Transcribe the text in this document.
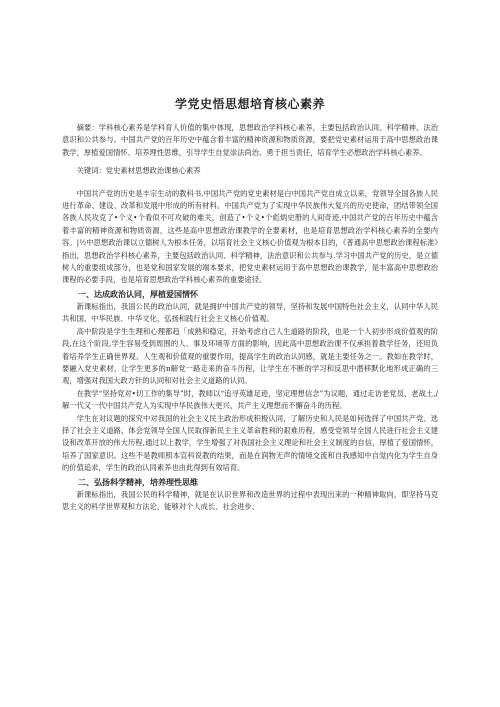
学党史悟思想培育核心素养

摘要：学科核心素养是学科育人价值的集中体现，思想政治学科核心素养，主要包括政治认同、科学精神、法治意识和公共参与。中国共产党的百年历史中蕴含着丰富的精神资源和物质资源，要把党史素材运用于高中思想政治课教学，厚植爱国情怀、培养理性思维，引导学生自觉崇法尚治、勇于担当责任，培育学生必想政治学科核心素养。

关键词：党史素材思想政治课核心素养

中国共产党的历史是丰宗生动的教科书,中国共产党的党史素材是白中国共产党自成立以来，党领导全国各族人民进行革命、建设、改革和发展中形成的所有材料。中国共产党为了实现中华民族伟大复兴的历史使命，团结带领全国各族人民攻克了•个义•个看似不可攻破的难关，创造了•个义•个彪炳史册的人间奇迹,中国共产党的百年历史中蕴含着丰富的精神资源和物质资源，这些是高中思想政治课教学的全要素材，也是培育思想政治学科核心素养的全要内容。|½中思想政治课以立德树人为根本任务，以培育社会主义核心价值观为根本目的，《普通高中思想政治课程标准》指出，思想政治学科核心素养，主要包括政治认同、科学精神，法治意识和公共参与.学习中国共产党的历史，是立德树人的重要组成部分，也是党和国家发展的端本要求，把党史素材运用于高中思想政治课教学，是丰富高中思想政治课程的必要手段，也是培育思想政治学科核心素养的重要途径。

一、达成政治认同，厚植爱国情怀

新课标指出，我国公民的政治认同，就是拥护中国共产党的领导，坚持和发展中国特色社会主义，认同中华人民共和国、中华民族、中华文化，弘扬和践行社会主义核心价值观。

高中阶段是学生生理和心理都趋「成熟和稳定，开始考虑自己人生道路的阶段，也是一个人初步形成价值观的阶段,在这个阶段,学生容易受到周围的人、事及环境等方面的影响，因此高中思想政治课不仅承担着教学任务，还用负着培养学生正确世界观、人生观和价值观的重要作用，提高学生的政治认同感，就是主要任务之一。教如在教学时，要融入党史素材，让学生更多的n解党一路走来的奋斗历程，让学生在不断的学习和反思中潜移默化地形成正确的三观，增强对我国大政方针的认同和对社会主义道路的认同。

在教学“坚持党对•切工作的集导”时，教师以“追寻英雄足迹，坚定理想信念”为议题，通过走访老党员、老战土,/解一代又一代中国共产党人为实现中华民族伟大更兴、共产主义理想而不懈奋斗的历程。

学生在对议题的探究中对我国的社会主义民主政治形成积极认同，了解历史和人民是如何选择了中国共产党、选择了社会主义道路，体会党领导全国人民取得新民主主义革命胜利的艰难历程，感受党领导全国人民进行社会主义建设和改革开放的伟大历程,通过以上教学，学生增强了对我国社会主义理论和社会主义制度的自信，厚植了爱国情怀，培养了国家意识。这些不是教师照本宣科说教的结果，而是在润物无声的情境交流和自我感知中自觉内化为学生自身的价值追求，学生的政治认同素养也由此得到有效培育。

二、弘扬科学精神，培养理性思维

新课标指出，我国公民的科学精神，就是在认识世界和改造世界的过程中表现出来的一种精神取向，即坚持马克思主义的科学世界观和方法论，能够对个人成长、社会进步、
